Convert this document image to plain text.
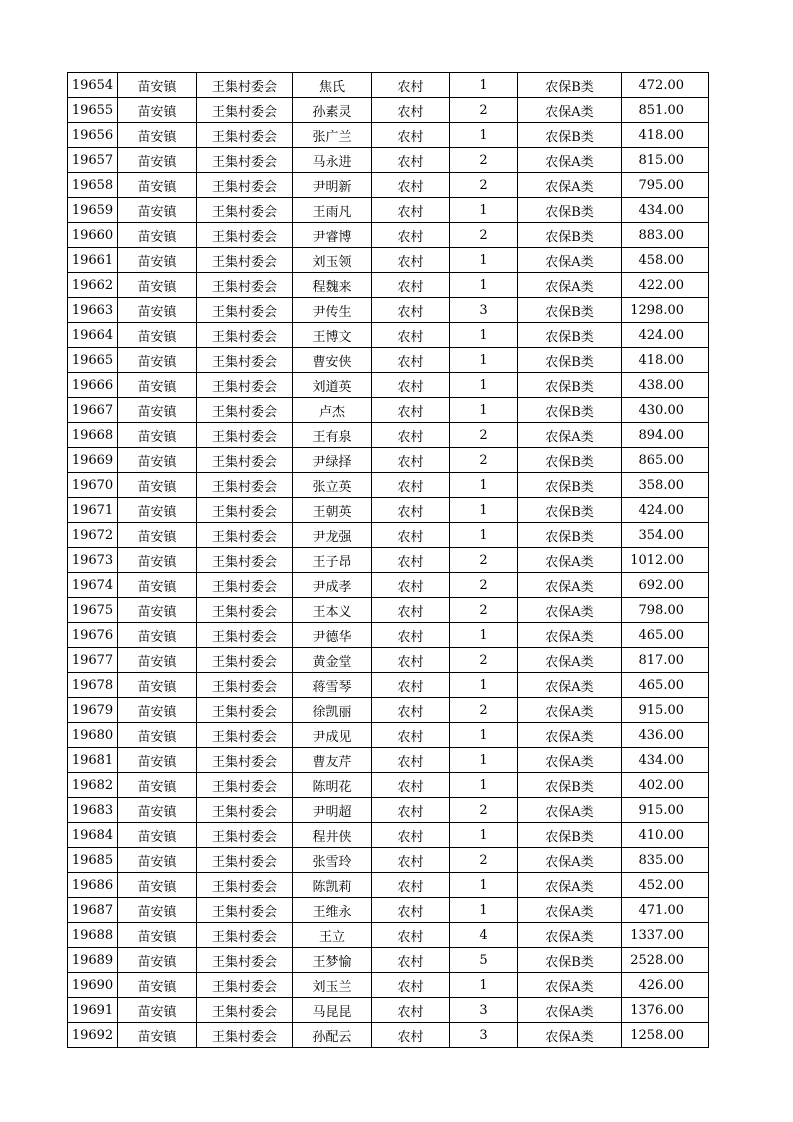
19654	苗安镇	王集村委会	焦氏	农村	1	农保B类	472.00
19655	苗安镇	王集村委会	孙素灵	农村	2	农保A类	851.00
19656	苗安镇	王集村委会	张广兰	农村	1	农保B类	418.00
19657	苗安镇	王集村委会	马永进	农村	2	农保A类	815.00
19658	苗安镇	王集村委会	尹明新	农村	2	农保A类	795.00
19659	苗安镇	王集村委会	王雨凡	农村	1	农保B类	434.00
19660	苗安镇	王集村委会	尹睿博	农村	2	农保B类	883.00
19661	苗安镇	王集村委会	刘玉领	农村	1	农保A类	458.00
19662	苗安镇	王集村委会	程魏来	农村	1	农保A类	422.00
19663	苗安镇	王集村委会	尹传生	农村	3	农保B类	1298.00
19664	苗安镇	王集村委会	王博文	农村	1	农保B类	424.00
19665	苗安镇	王集村委会	曹安侠	农村	1	农保B类	418.00
19666	苗安镇	王集村委会	刘道英	农村	1	农保B类	438.00
19667	苗安镇	王集村委会	卢杰	农村	1	农保B类	430.00
19668	苗安镇	王集村委会	王有泉	农村	2	农保A类	894.00
19669	苗安镇	王集村委会	尹绿择	农村	2	农保B类	865.00
19670	苗安镇	王集村委会	张立英	农村	1	农保B类	358.00
19671	苗安镇	王集村委会	王朝英	农村	1	农保B类	424.00
19672	苗安镇	王集村委会	尹龙强	农村	1	农保B类	354.00
19673	苗安镇	王集村委会	王子昂	农村	2	农保A类	1012.00
19674	苗安镇	王集村委会	尹成孝	农村	2	农保A类	692.00
19675	苗安镇	王集村委会	王本义	农村	2	农保A类	798.00
19676	苗安镇	王集村委会	尹德华	农村	1	农保A类	465.00
19677	苗安镇	王集村委会	黄金堂	农村	2	农保A类	817.00
19678	苗安镇	王集村委会	蒋雪琴	农村	1	农保A类	465.00
19679	苗安镇	王集村委会	徐凯丽	农村	2	农保A类	915.00
19680	苗安镇	王集村委会	尹成见	农村	1	农保A类	436.00
19681	苗安镇	王集村委会	曹友芹	农村	1	农保A类	434.00
19682	苗安镇	王集村委会	陈明花	农村	1	农保B类	402.00
19683	苗安镇	王集村委会	尹明超	农村	2	农保A类	915.00
19684	苗安镇	王集村委会	程井侠	农村	1	农保B类	410.00
19685	苗安镇	王集村委会	张雪玲	农村	2	农保A类	835.00
19686	苗安镇	王集村委会	陈凯莉	农村	1	农保A类	452.00
19687	苗安镇	王集村委会	王维永	农村	1	农保A类	471.00
19688	苗安镇	王集村委会	王立	农村	4	农保A类	1337.00
19689	苗安镇	王集村委会	王梦愉	农村	5	农保B类	2528.00
19690	苗安镇	王集村委会	刘玉兰	农村	1	农保A类	426.00
19691	苗安镇	王集村委会	马昆昆	农村	3	农保A类	1376.00
19692	苗安镇	王集村委会	孙配云	农村	3	农保A类	1258.00
